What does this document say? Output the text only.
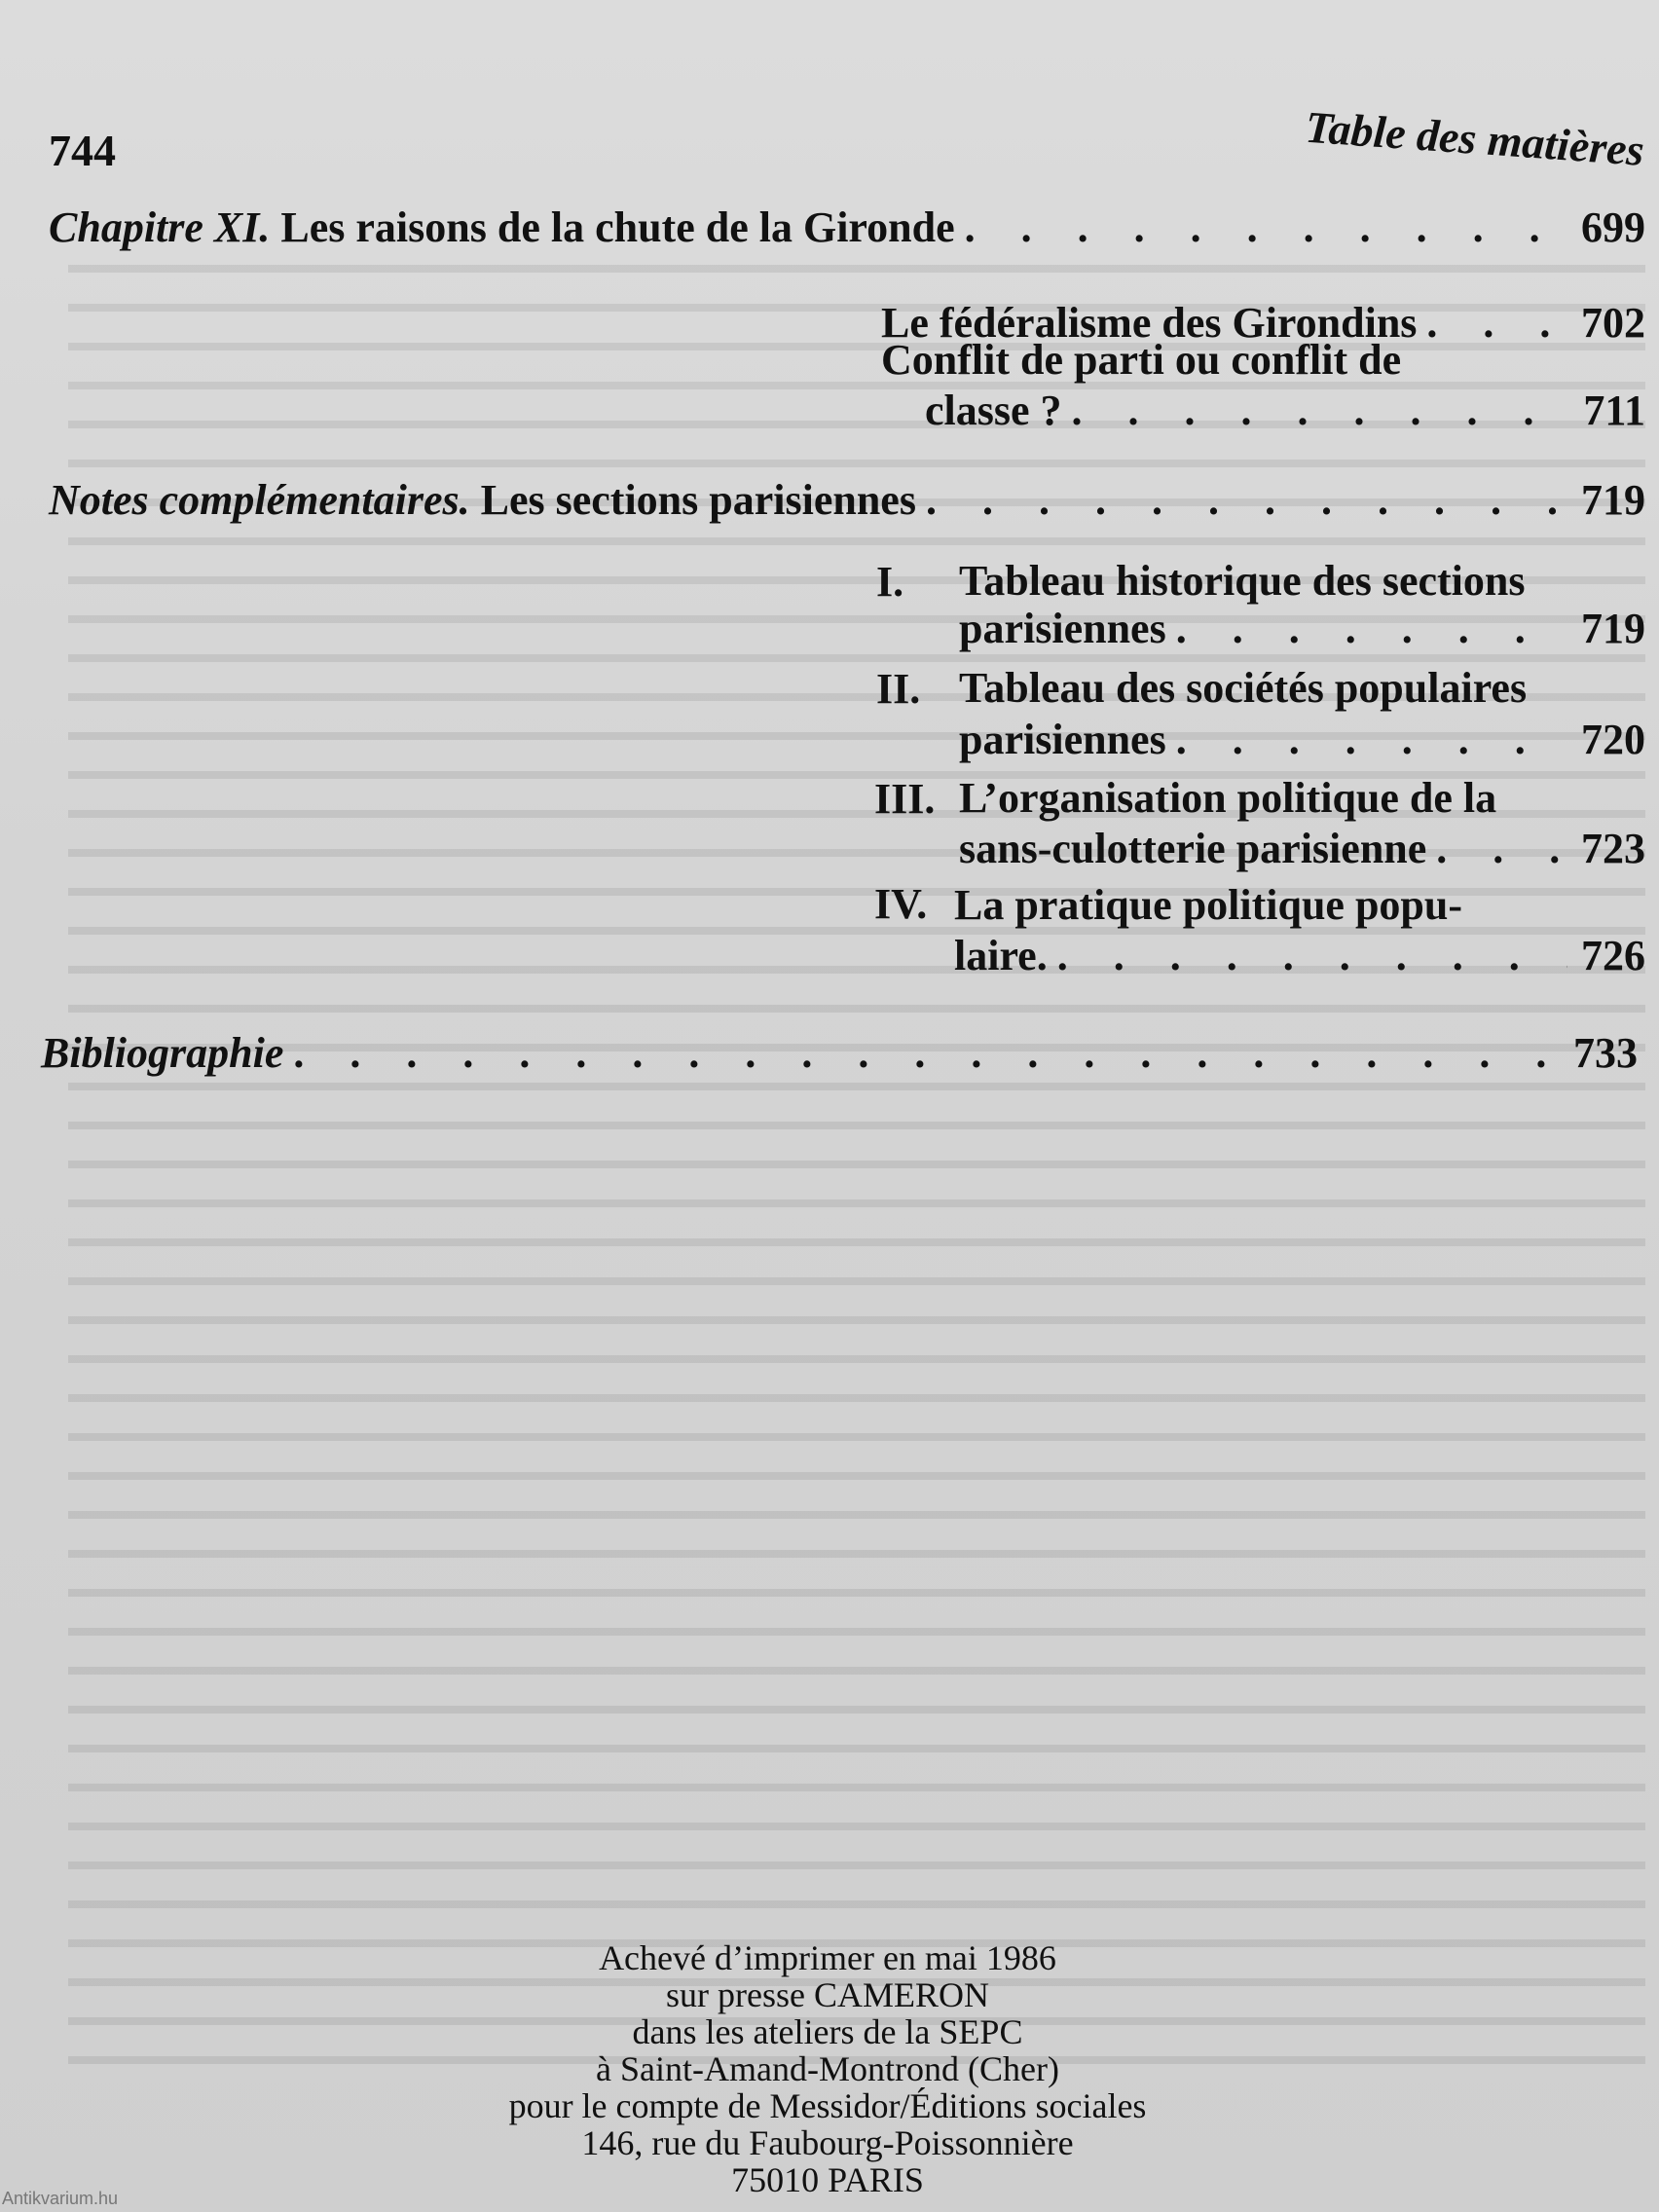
744	Table des matières
Chapitre XI. Les raisons de la chute de la Gironde . . .	699
Le fédéralisme des Girondins . . .	702
Conflit de parti ou conflit de
classe ? . . .	711
Notes complémentaires. Les sections parisiennes . . .	719
I. Tableau historique des sections
parisiennes . . .	719
II. Tableau des sociétés populaires
parisiennes . . .	720
III. L’organisation politique de la
sans-culotterie parisienne . . .	723
IV. La pratique politique popu-
laire. . . .	726
Bibliographie . . .	733
Achevé d’imprimer en mai 1986
sur presse CAMERON
dans les ateliers de la SEPC
à Saint-Amand-Montrond (Cher)
pour le compte de Messidor/Éditions sociales
146, rue du Faubourg-Poissonnière
75010 PARIS
Antikvarium.hu
